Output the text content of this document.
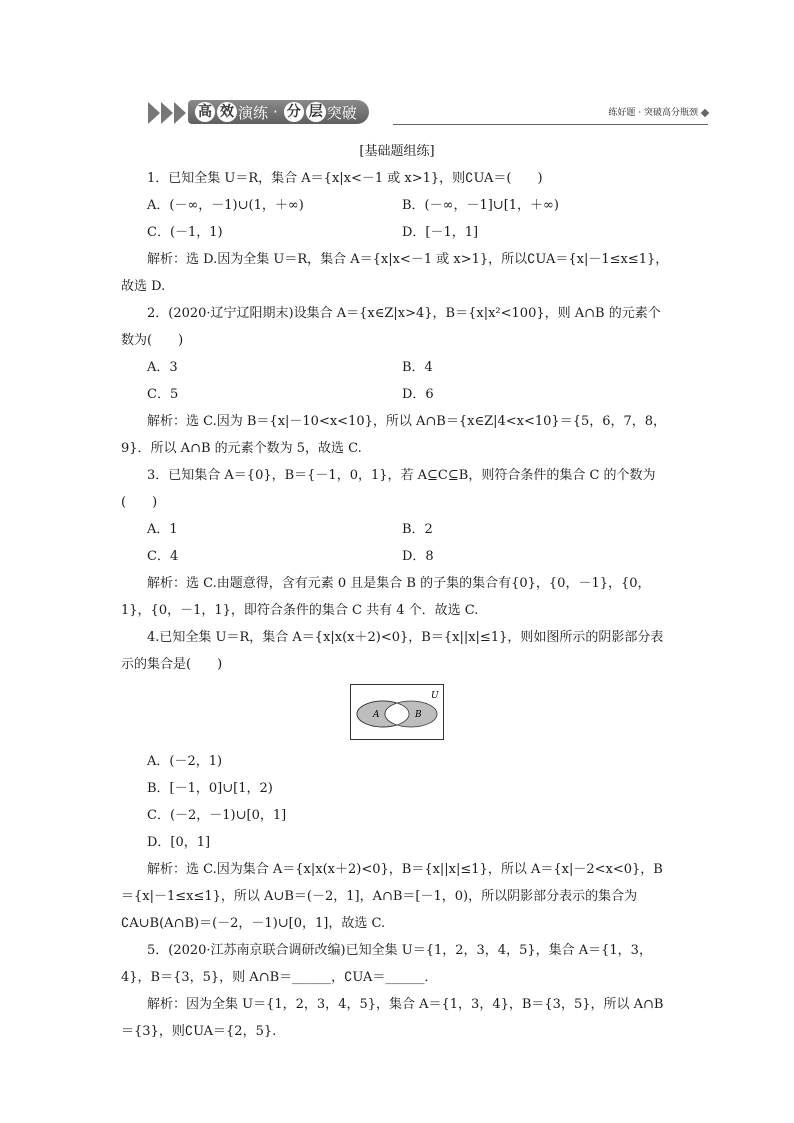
高 效 演练 · 分 层 突破	练好题 · 突破高分瓶颈
[基础题组练]
1．已知全集 U＝R，集合 A＝{x|x<－1 或 x>1}，则∁UA＝(　　)
A．(－∞，－1)∪(1，＋∞)	B．(－∞，－1]∪[1，＋∞)
C．(－1，1)	D．[－1，1]
解析：选 D.因为全集 U＝R，集合 A＝{x|x<－1 或 x>1}，所以∁UA＝{x|－1≤x≤1}，故选 D.
2．(2020·辽宁辽阳期末)设集合 A＝{x∈Z|x>4}，B＝{x|x²<100}，则 A∩B 的元素个数为(　　)
A．3	B．4
C．5	D．6
解析：选 C.因为 B＝{x|－10<x<10}，所以 A∩B＝{x∈Z|4<x<10}＝{5，6，7，8，9}．所以 A∩B 的元素个数为 5，故选 C.
3．已知集合 A＝{0}，B＝{－1，0，1}，若 A⊆C⊆B，则符合条件的集合 C 的个数为(　　)
A．1	B．2
C．4	D．8
解析：选 C.由题意得，含有元素 0 且是集合 B 的子集的集合有{0}，{0，－1}，{0，1}，{0，－1，1}，即符合条件的集合 C 共有 4 个．故选 C.
4.已知全集 U＝R，集合 A＝{x|x(x＋2)<0}，B＝{x||x|≤1}，则如图所示的阴影部分表示的集合是(　　)
U
A	B
A．(－2，1)
B．[－1，0]∪[1，2)
C．(－2，－1)∪[0，1]
D．[0，1]
解析：选 C.因为集合 A＝{x|x(x＋2)<0}，B＝{x||x|≤1}，所以 A＝{x|－2<x<0}，B＝{x|－1≤x≤1}，所以 A∪B＝(－2，1]，A∩B＝[－1，0)，所以阴影部分表示的集合为∁A∪B(A∩B)＝(－2，－1)∪[0，1]，故选 C.
5．(2020·江苏南京联合调研改编)已知全集 U＝{1，2，3，4，5}，集合 A＝{1，3，4}，B＝{3，5}，则 A∩B＝______，∁UA＝______．
解析：因为全集 U＝{1，2，3，4，5}，集合 A＝{1，3，4}，B＝{3，5}，所以 A∩B＝{3}，则∁UA＝{2，5}.
